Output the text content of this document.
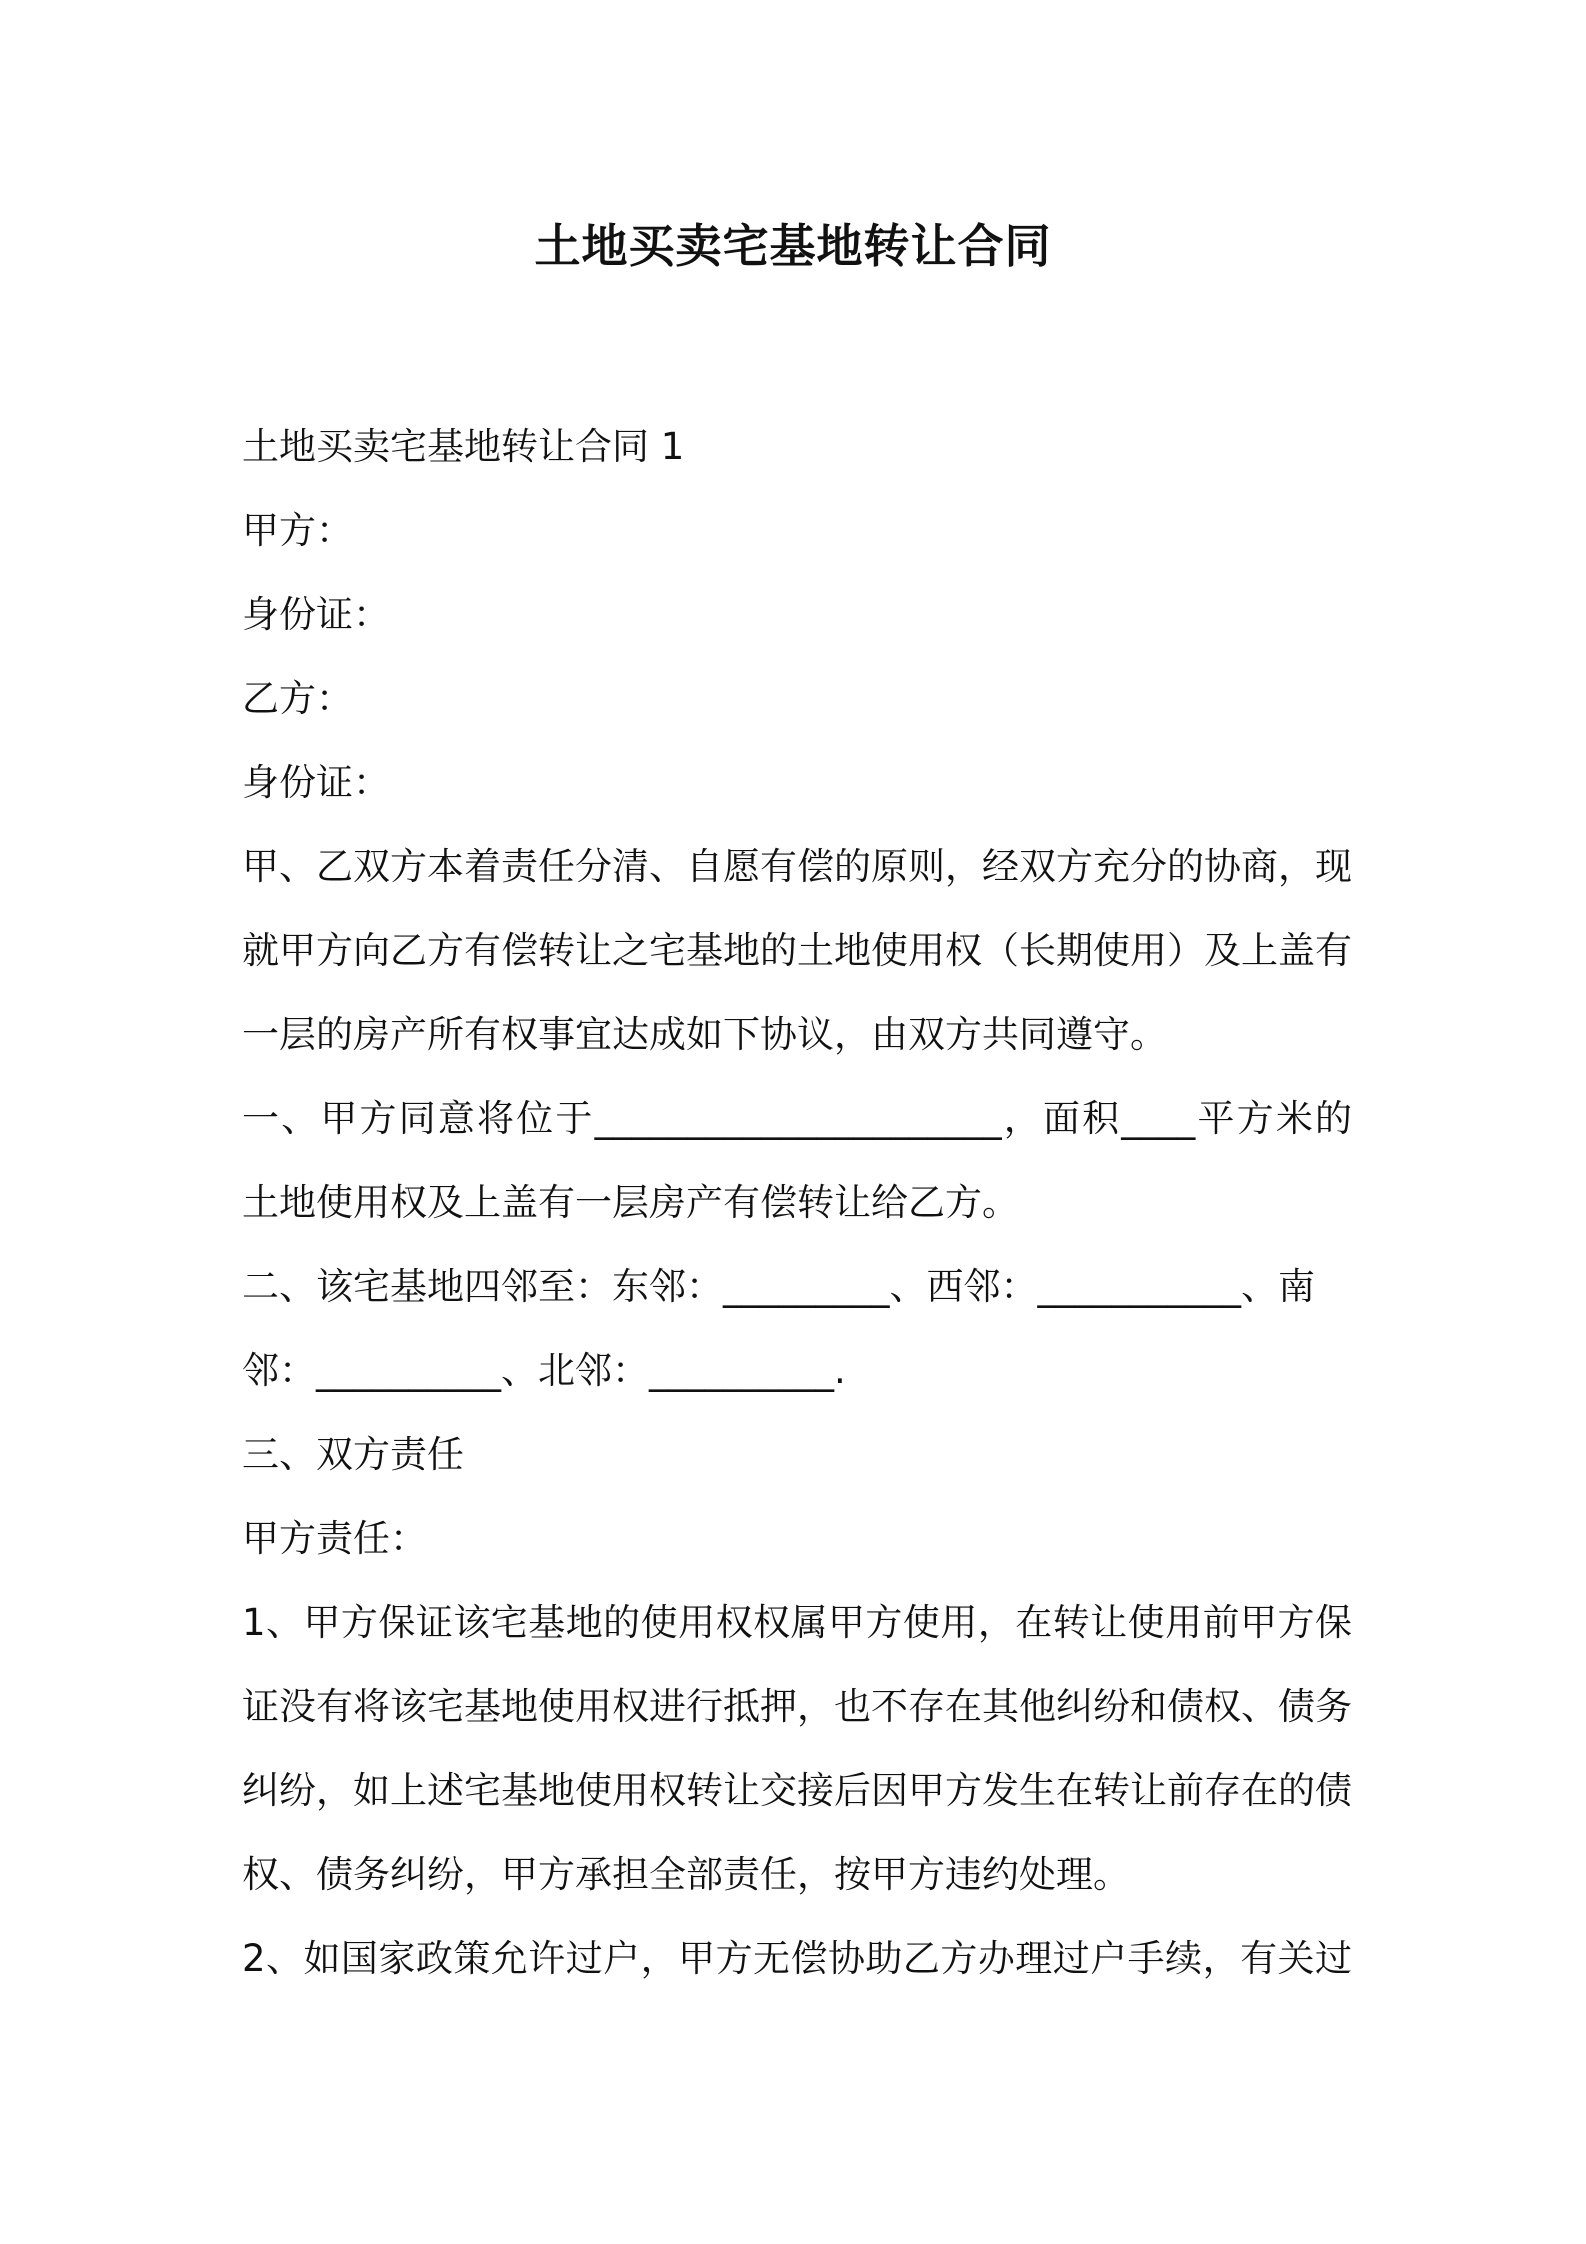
土地买卖宅基地转让合同
土地买卖宅基地转让合同 1
甲方：
身份证：
乙方：
身份证：
甲、乙双方本着责任分清、自愿有偿的原则，经双方充分的协商，现
就甲方向乙方有偿转让之宅基地的土地使用权（长期使用）及上盖有
一层的房产所有权事宜达成如下协议，由双方共同遵守。
一、甲方同意将位于______________________，面积____平方米的
土地使用权及上盖有一层房产有偿转让给乙方。
二、该宅基地四邻至：东邻：_________、西邻：___________、南
邻：__________、北邻：__________.
三、双方责任
甲方责任：
1、甲方保证该宅基地的使用权权属甲方使用，在转让使用前甲方保
证没有将该宅基地使用权进行抵押，也不存在其他纠纷和债权、债务
纠纷，如上述宅基地使用权转让交接后因甲方发生在转让前存在的债
权、债务纠纷，甲方承担全部责任，按甲方违约处理。
2、如国家政策允许过户，甲方无偿协助乙方办理过户手续，有关过
